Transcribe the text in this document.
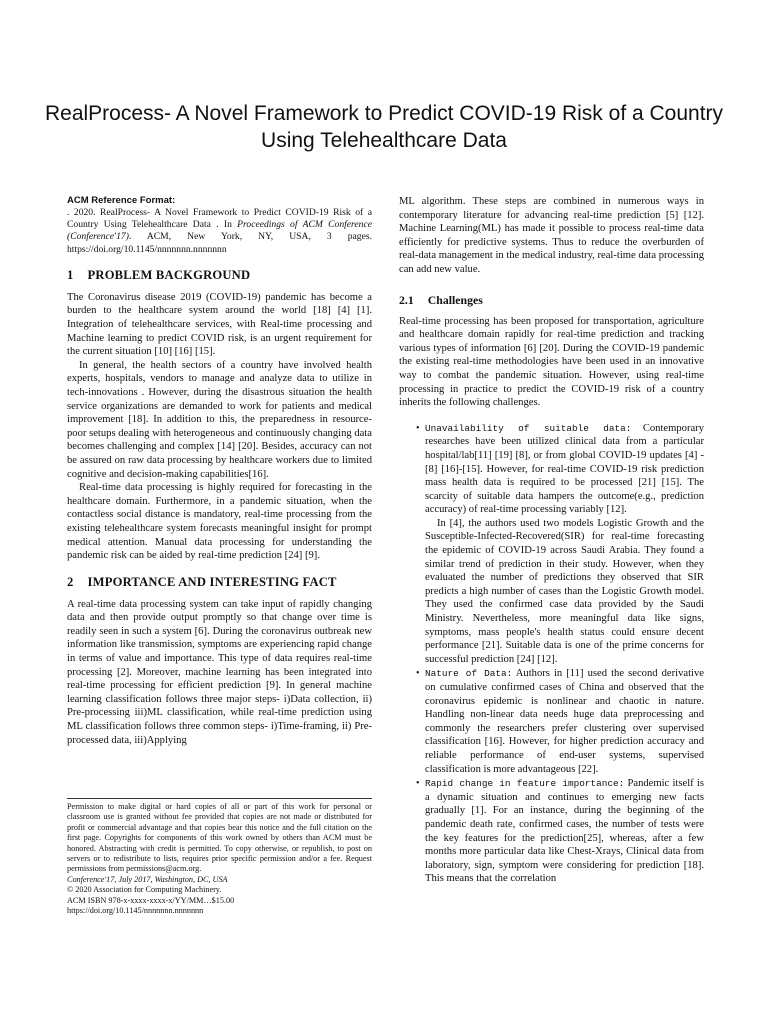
RealProcess- A Novel Framework to Predict COVID-19 Risk of a Country Using Telehealthcare Data
ACM Reference Format:

. 2020. RealProcess- A Novel Framework to Predict COVID-19 Risk of a Country Using Telehealthcare Data . In Proceedings of ACM Conference (Conference'17). ACM, New York, NY, USA, 3 pages. https://doi.org/10.1145/nnnnnnn.nnnnnnn

1 PROBLEM BACKGROUND

The Coronavirus disease 2019 (COVID-19) pandemic has become a burden to the healthcare system around the world [18] [4] [1]. Integration of telehealthcare services, with Real-time processing and Machine learning to predict COVID risk, is an urgent requirement for the current situation [10] [16] [15].

In general, the health sectors of a country have involved health experts, hospitals, vendors to manage and analyze data to utilize in tech-innovations . However, during the disastrous situation the health service organizations are demanded to work for patients and medical improvement [18]. In addition to this, the preparedness in resource-poor setups dealing with heterogeneous and continuously changing data becomes challenging and complex [14] [20]. Besides, accuracy can not be assured on raw data processing by healthcare workers due to limited cognitive and decision-making capabilities[16].

Real-time data processing is highly required for forecasting in the healthcare domain. Furthermore, in a pandemic situation, when the contactless social distance is mandatory, real-time processing from the existing telehealthcare system forecasts meaningful insight for prompt medical attention. Manual data processing for understanding the pandemic risk can be aided by real-time prediction [24] [9].

2 IMPORTANCE AND INTERESTING FACT

A real-time data processing system can take input of rapidly changing data and then provide output promptly so that change over time is readily seen in such a system [6]. During the coronavirus outbreak new information like transmission, symptoms are experiencing rapid change in terms of value and importance. This type of data requires real-time processing [2]. Moreover, machine learning has been integrated into real-time processing for efficient prediction [9]. In general machine learning classification follows three major steps- i)Data collection, ii) Pre-processing iii)ML classification, while real-time prediction using ML classification follows three common steps- i)Time-framing, ii) Pre-processed data, iii)Applying

Permission to make digital or hard copies of all or part of this work for personal or classroom use is granted without fee provided that copies are not made or distributed for profit or commercial advantage and that copies bear this notice and the full citation on the first page. Copyrights for components of this work owned by others than ACM must be honored. Abstracting with credit is permitted. To copy otherwise, or republish, to post on servers or to redistribute to lists, requires prior specific permission and/or a fee. Request permissions from permissions@acm.org.

Conference'17, July 2017, Washington, DC, USA

© 2020 Association for Computing Machinery.

ACM ISBN 978-x-xxxx-xxxx-x/YY/MM…$15.00

https://doi.org/10.1145/nnnnnnn.nnnnnnn

ML algorithm. These steps are combined in numerous ways in contemporary literature for advancing real-time prediction [5] [12]. Machine Learning(ML) has made it possible to process real-time data efficiently for predictive systems. Thus to reduce the overburden of real-data management in the medical industry, real-time data processing can add new value.

2.1 Challenges

Real-time processing has been proposed for transportation, agriculture and healthcare domain rapidly for real-time prediction and tracking various types of information [6] [20]. During the COVID-19 pandemic the existing real-time methodologies have been used in an innovative way to combat the pandemic situation. However, using real-time processing in practice to predict the COVID-19 risk of a country inherits the following challenges.

• Unavailability of suitable data: Contemporary researches have been utilized clinical data from a particular hospital/lab[11] [19] [8], or from global COVID-19 updates [4] - [8] [16]-[15]. However, for real-time COVID-19 risk prediction mass health data is required to be processed [21] [15]. The scarcity of suitable data hampers the outcome(e.g., prediction accuracy) of real-time processing variably [12].

In [4], the authors used two models Logistic Growth and the Susceptible-Infected-Recovered(SIR) for real-time forecasting the epidemic of COVID-19 across Saudi Arabia. They found a similar trend of prediction in their study. However, when they evaluated the number of predictions they observed that SIR predicts a high number of cases than the Logistic Growth model. They used the confirmed case data provided by the Saudi Ministry. Nevertheless, more meaningful data like signs, symptoms, mass people's health status could ensure decent performance [21]. Suitable data is one of the prime concerns for successful prediction [24] [12].

• Nature of Data: Authors in [11] used the second derivative on cumulative confirmed cases of China and observed that the coronavirus epidemic is nonlinear and chaotic in nature. Handling non-linear data needs huge data preprocessing and commonly the researchers prefer clustering over supervised classification [16]. However, for higher prediction accuracy and reliable performance of end-user systems, supervised classification is more advantageous [22].

• Rapid change in feature importance: Pandemic itself is a dynamic situation and continues to emerging new facts gradually [1]. For an instance, during the beginning of the pandemic death rate, confirmed cases, the number of tests were the key features for the prediction[25], whereas, after a few months more particular data like Chest-Xrays, Clinical data from laboratory, sign, symptom were considering for prediction [18]. This means that the correlation
